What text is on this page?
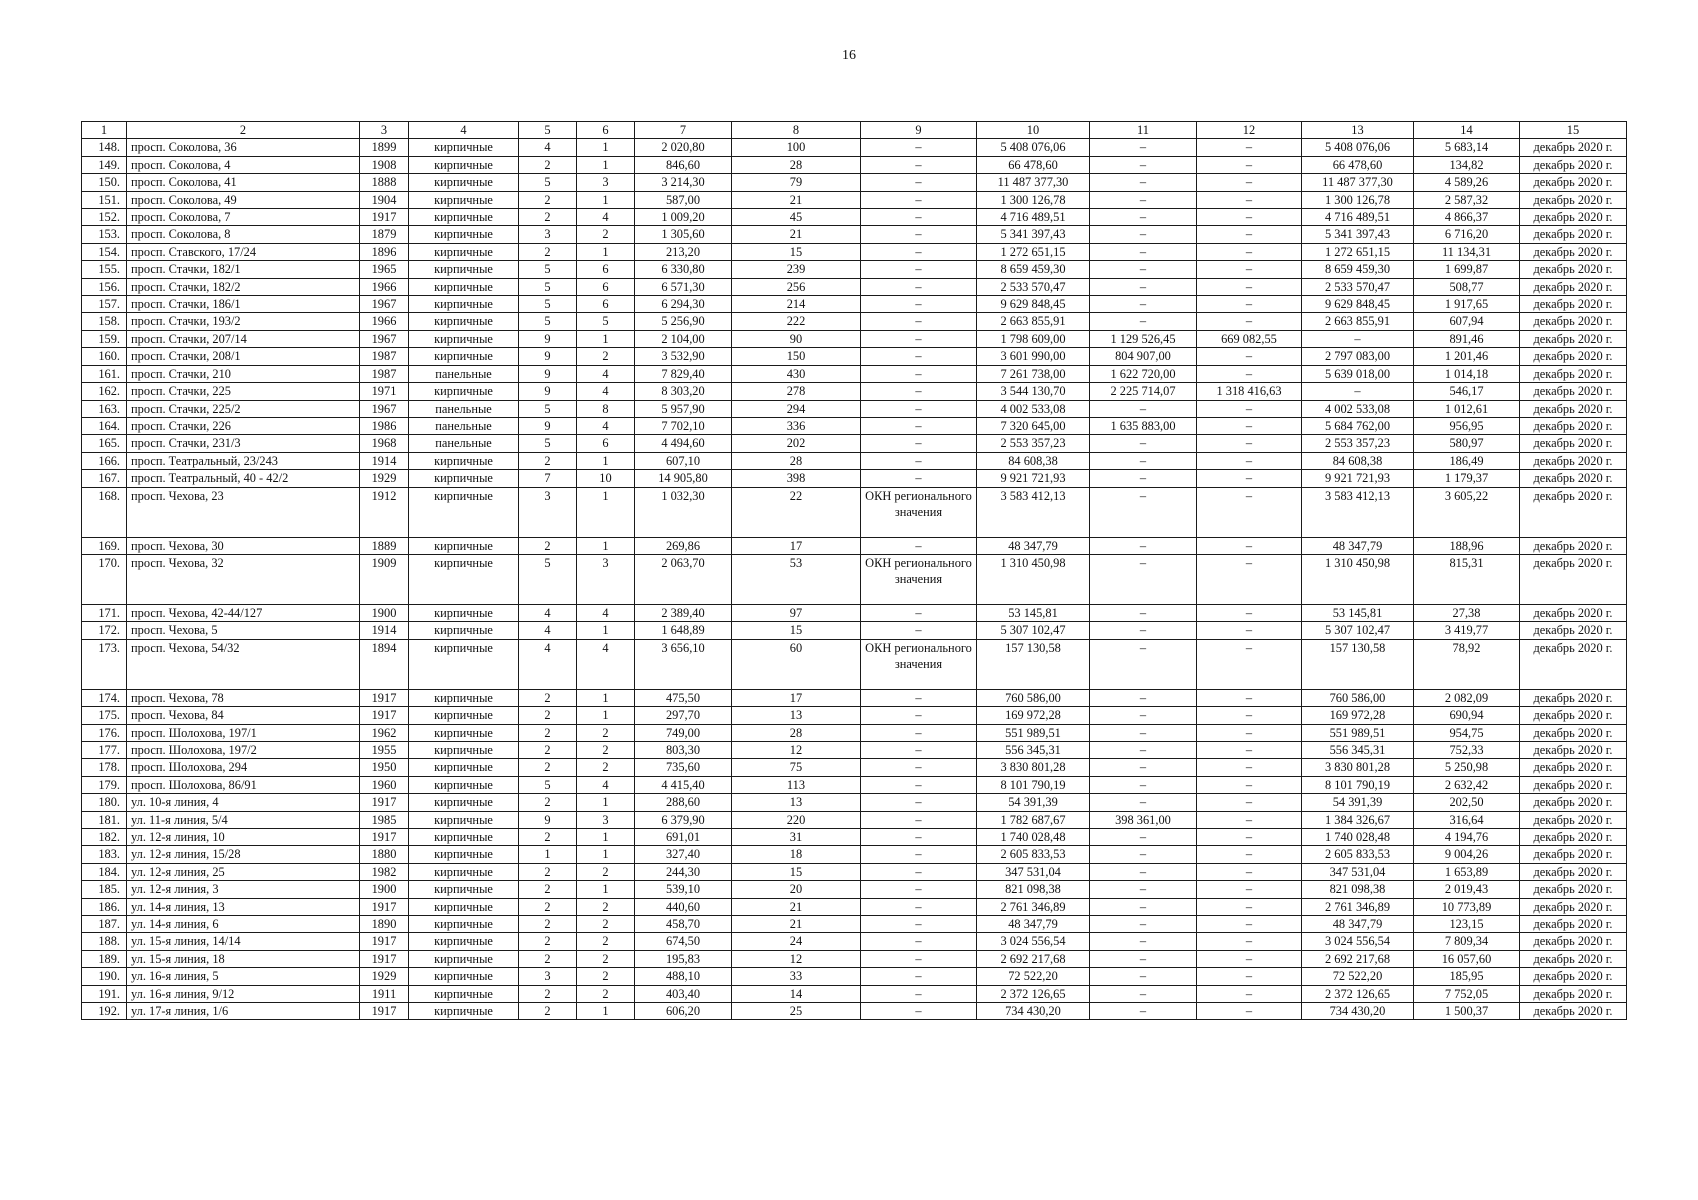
16
1	2	3	4	5	6	7	8	9	10	11	12	13	14	15
148.	просп. Соколова, 36	1899	кирпичные	4	1	2 020,80	100	–	5 408 076,06	–	–	5 408 076,06	5 683,14	декабрь 2020 г.
149.	просп. Соколова, 4	1908	кирпичные	2	1	846,60	28	–	66 478,60	–	–	66 478,60	134,82	декабрь 2020 г.
150.	просп. Соколова, 41	1888	кирпичные	5	3	3 214,30	79	–	11 487 377,30	–	–	11 487 377,30	4 589,26	декабрь 2020 г.
151.	просп. Соколова, 49	1904	кирпичные	2	1	587,00	21	–	1 300 126,78	–	–	1 300 126,78	2 587,32	декабрь 2020 г.
152.	просп. Соколова, 7	1917	кирпичные	2	4	1 009,20	45	–	4 716 489,51	–	–	4 716 489,51	4 866,37	декабрь 2020 г.
153.	просп. Соколова, 8	1879	кирпичные	3	2	1 305,60	21	–	5 341 397,43	–	–	5 341 397,43	6 716,20	декабрь 2020 г.
154.	просп. Ставского, 17/24	1896	кирпичные	2	1	213,20	15	–	1 272 651,15	–	–	1 272 651,15	11 134,31	декабрь 2020 г.
155.	просп. Стачки, 182/1	1965	кирпичные	5	6	6 330,80	239	–	8 659 459,30	–	–	8 659 459,30	1 699,87	декабрь 2020 г.
156.	просп. Стачки, 182/2	1966	кирпичные	5	6	6 571,30	256	–	2 533 570,47	–	–	2 533 570,47	508,77	декабрь 2020 г.
157.	просп. Стачки, 186/1	1967	кирпичные	5	6	6 294,30	214	–	9 629 848,45	–	–	9 629 848,45	1 917,65	декабрь 2020 г.
158.	просп. Стачки, 193/2	1966	кирпичные	5	5	5 256,90	222	–	2 663 855,91	–	–	2 663 855,91	607,94	декабрь 2020 г.
159.	просп. Стачки, 207/14	1967	кирпичные	9	1	2 104,00	90	–	1 798 609,00	1 129 526,45	669 082,55	–	891,46	декабрь 2020 г.
160.	просп. Стачки, 208/1	1987	кирпичные	9	2	3 532,90	150	–	3 601 990,00	804 907,00	–	2 797 083,00	1 201,46	декабрь 2020 г.
161.	просп. Стачки, 210	1987	панельные	9	4	7 829,40	430	–	7 261 738,00	1 622 720,00	–	5 639 018,00	1 014,18	декабрь 2020 г.
162.	просп. Стачки, 225	1971	кирпичные	9	4	8 303,20	278	–	3 544 130,70	2 225 714,07	1 318 416,63	–	546,17	декабрь 2020 г.
163.	просп. Стачки, 225/2	1967	панельные	5	8	5 957,90	294	–	4 002 533,08	–	–	4 002 533,08	1 012,61	декабрь 2020 г.
164.	просп. Стачки, 226	1986	панельные	9	4	7 702,10	336	–	7 320 645,00	1 635 883,00	–	5 684 762,00	956,95	декабрь 2020 г.
165.	просп. Стачки, 231/3	1968	панельные	5	6	4 494,60	202	–	2 553 357,23	–	–	2 553 357,23	580,97	декабрь 2020 г.
166.	просп. Театральный, 23/243	1914	кирпичные	2	1	607,10	28	–	84 608,38	–	–	84 608,38	186,49	декабрь 2020 г.
167.	просп. Театральный, 40 - 42/2	1929	кирпичные	7	10	14 905,80	398	–	9 921 721,93	–	–	9 921 721,93	1 179,37	декабрь 2020 г.
168.	просп. Чехова, 23	1912	кирпичные	3	1	1 032,30	22	ОКН регионального значения	3 583 412,13	–	–	3 583 412,13	3 605,22	декабрь 2020 г.
169.	просп. Чехова, 30	1889	кирпичные	2	1	269,86	17	–	48 347,79	–	–	48 347,79	188,96	декабрь 2020 г.
170.	просп. Чехова, 32	1909	кирпичные	5	3	2 063,70	53	ОКН регионального значения	1 310 450,98	–	–	1 310 450,98	815,31	декабрь 2020 г.
171.	просп. Чехова, 42-44/127	1900	кирпичные	4	4	2 389,40	97	–	53 145,81	–	–	53 145,81	27,38	декабрь 2020 г.
172.	просп. Чехова, 5	1914	кирпичные	4	1	1 648,89	15	–	5 307 102,47	–	–	5 307 102,47	3 419,77	декабрь 2020 г.
173.	просп. Чехова, 54/32	1894	кирпичные	4	4	3 656,10	60	ОКН регионального значения	157 130,58	–	–	157 130,58	78,92	декабрь 2020 г.
174.	просп. Чехова, 78	1917	кирпичные	2	1	475,50	17	–	760 586,00	–	–	760 586,00	2 082,09	декабрь 2020 г.
175.	просп. Чехова, 84	1917	кирпичные	2	1	297,70	13	–	169 972,28	–	–	169 972,28	690,94	декабрь 2020 г.
176.	просп. Шолохова, 197/1	1962	кирпичные	2	2	749,00	28	–	551 989,51	–	–	551 989,51	954,75	декабрь 2020 г.
177.	просп. Шолохова, 197/2	1955	кирпичные	2	2	803,30	12	–	556 345,31	–	–	556 345,31	752,33	декабрь 2020 г.
178.	просп. Шолохова, 294	1950	кирпичные	2	2	735,60	75	–	3 830 801,28	–	–	3 830 801,28	5 250,98	декабрь 2020 г.
179.	просп. Шолохова, 86/91	1960	кирпичные	5	4	4 415,40	113	–	8 101 790,19	–	–	8 101 790,19	2 632,42	декабрь 2020 г.
180.	ул. 10-я линия, 4	1917	кирпичные	2	1	288,60	13	–	54 391,39	–	–	54 391,39	202,50	декабрь 2020 г.
181.	ул. 11-я линия, 5/4	1985	кирпичные	9	3	6 379,90	220	–	1 782 687,67	398 361,00	–	1 384 326,67	316,64	декабрь 2020 г.
182.	ул. 12-я линия, 10	1917	кирпичные	2	1	691,01	31	–	1 740 028,48	–	–	1 740 028,48	4 194,76	декабрь 2020 г.
183.	ул. 12-я линия, 15/28	1880	кирпичные	1	1	327,40	18	–	2 605 833,53	–	–	2 605 833,53	9 004,26	декабрь 2020 г.
184.	ул. 12-я линия, 25	1982	кирпичные	2	2	244,30	15	–	347 531,04	–	–	347 531,04	1 653,89	декабрь 2020 г.
185.	ул. 12-я линия, 3	1900	кирпичные	2	1	539,10	20	–	821 098,38	–	–	821 098,38	2 019,43	декабрь 2020 г.
186.	ул. 14-я линия, 13	1917	кирпичные	2	2	440,60	21	–	2 761 346,89	–	–	2 761 346,89	10 773,89	декабрь 2020 г.
187.	ул. 14-я линия, 6	1890	кирпичные	2	2	458,70	21	–	48 347,79	–	–	48 347,79	123,15	декабрь 2020 г.
188.	ул. 15-я линия, 14/14	1917	кирпичные	2	2	674,50	24	–	3 024 556,54	–	–	3 024 556,54	7 809,34	декабрь 2020 г.
189.	ул. 15-я линия, 18	1917	кирпичные	2	2	195,83	12	–	2 692 217,68	–	–	2 692 217,68	16 057,60	декабрь 2020 г.
190.	ул. 16-я линия, 5	1929	кирпичные	3	2	488,10	33	–	72 522,20	–	–	72 522,20	185,95	декабрь 2020 г.
191.	ул. 16-я линия, 9/12	1911	кирпичные	2	2	403,40	14	–	2 372 126,65	–	–	2 372 126,65	7 752,05	декабрь 2020 г.
192.	ул. 17-я линия, 1/6	1917	кирпичные	2	1	606,20	25	–	734 430,20	–	–	734 430,20	1 500,37	декабрь 2020 г.
